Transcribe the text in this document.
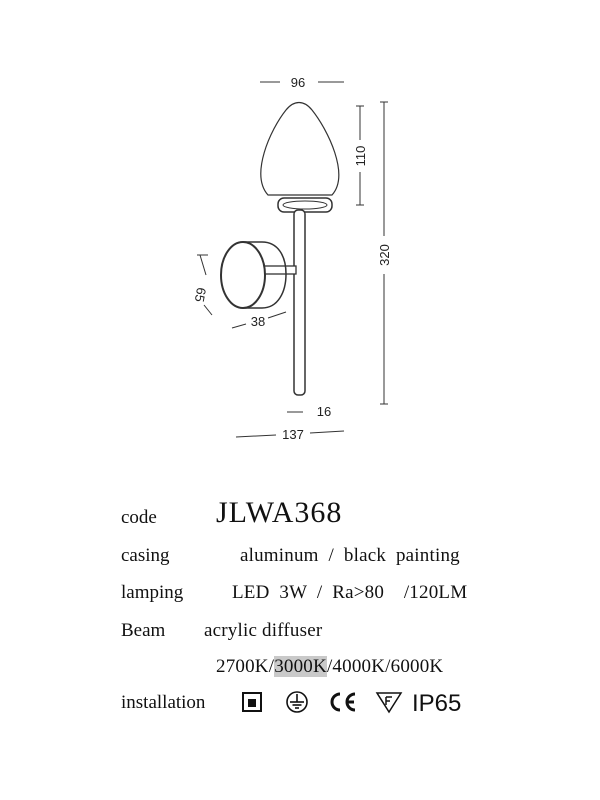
96
110
320
65
38
16
137
code JLWA368
casing	aluminum  /  black  painting
lamping	LED  3W  /  Ra>80    /120LM
Beam acrylic diffuser
2700K/3000K/4000K/6000K
installation	IP65
